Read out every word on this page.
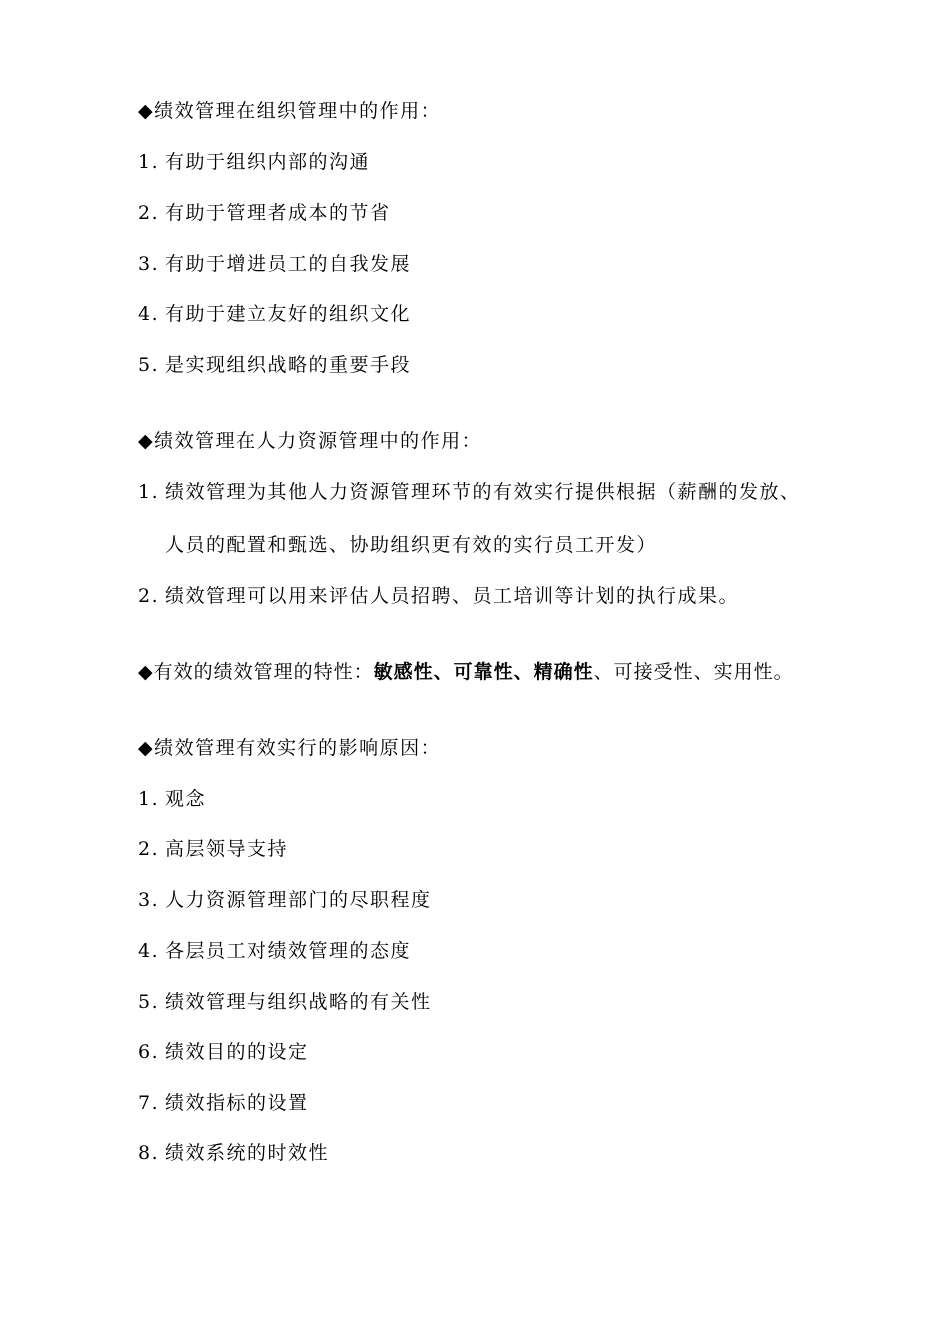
◆绩效管理在组织管理中的作用：
1. 有助于组织内部的沟通
2. 有助于管理者成本的节省
3. 有助于增进员工的自我发展
4. 有助于建立友好的组织文化
5. 是实现组织战略的重要手段
◆绩效管理在人力资源管理中的作用：
1. 绩效管理为其他人力资源管理环节的有效实行提供根据（薪酬的发放、
人员的配置和甄选、协助组织更有效的实行员工开发）
2. 绩效管理可以用来评估人员招聘、员工培训等计划的执行成果。
◆有效的绩效管理的特性：敏感性、可靠性、精确性、可接受性、实用性。
◆绩效管理有效实行的影响原因：
1. 观念
2. 高层领导支持
3. 人力资源管理部门的尽职程度
4. 各层员工对绩效管理的态度
5. 绩效管理与组织战略的有关性
6. 绩效目的的设定
7. 绩效指标的设置
8. 绩效系统的时效性
